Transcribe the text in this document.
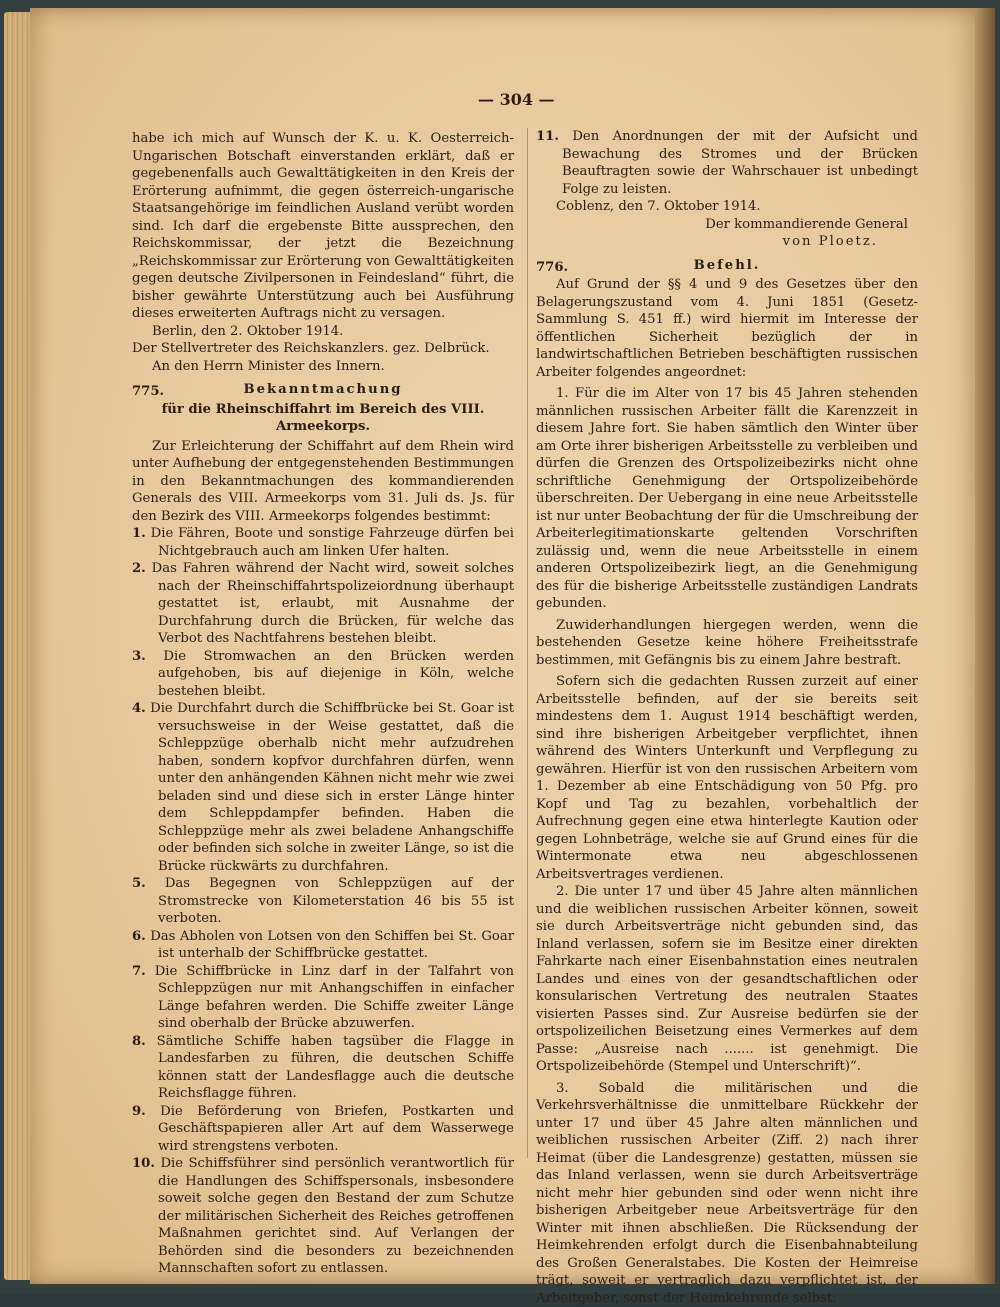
— 304 —

habe ich mich auf Wunsch der K. u. K. Oesterreich-Ungarischen Botschaft einverstanden erklärt, daß er gegebenenfalls auch Gewalttätigkeiten in den Kreis der Erörterung aufnimmt, die gegen österreich-ungarische Staatsangehörige im feindlichen Ausland verübt worden sind. Ich darf die ergebenste Bitte aussprechen, den Reichskommissar, der jetzt die Bezeichnung „Reichskommissar zur Erörterung von Gewalttätigkeiten gegen deutsche Zivilpersonen in Feindesland“ führt, die bisher gewährte Unterstützung auch bei Ausführung dieses erweiterten Auftrags nicht zu versagen.

Berlin, den 2. Oktober 1914.

Der Stellvertreter des Reichskanzlers. gez. Delbrück.

An den Herrn Minister des Innern.

775.	Bekanntmachung
für die Rheinschiffahrt im Bereich des VIII. Armeekorps.

Zur Erleichterung der Schiffahrt auf dem Rhein wird unter Aufhebung der entgegenstehenden Bestimmungen in den Bekanntmachungen des kommandierenden Generals des VIII. Armeekorps vom 31. Juli ds. Js. für den Bezirk des VIII. Armeekorps folgendes bestimmt:

1. Die Fähren, Boote und sonstige Fahrzeuge dürfen bei Nichtgebrauch auch am linken Ufer halten.

2. Das Fahren während der Nacht wird, soweit solches nach der Rheinschiffahrtspolizeiordnung überhaupt gestattet ist, erlaubt, mit Ausnahme der Durchfahrung durch die Brücken, für welche das Verbot des Nachtfahrens bestehen bleibt.

3. Die Stromwachen an den Brücken werden aufgehoben, bis auf diejenige in Köln, welche bestehen bleibt.

4. Die Durchfahrt durch die Schiffbrücke bei St. Goar ist versuchsweise in der Weise gestattet, daß die Schleppzüge oberhalb nicht mehr aufzudrehen haben, sondern kopfvor durchfahren dürfen, wenn unter den anhängenden Kähnen nicht mehr wie zwei beladen sind und diese sich in erster Länge hinter dem Schleppdampfer befinden. Haben die Schleppzüge mehr als zwei beladene Anhangschiffe oder befinden sich solche in zweiter Länge, so ist die Brücke rückwärts zu durchfahren.

5. Das Begegnen von Schleppzügen auf der Stromstrecke von Kilometerstation 46 bis 55 ist verboten.

6. Das Abholen von Lotsen von den Schiffen bei St. Goar ist unterhalb der Schiffbrücke gestattet.

7. Die Schiffbrücke in Linz darf in der Talfahrt von Schleppzügen nur mit Anhangschiffen in einfacher Länge befahren werden. Die Schiffe zweiter Länge sind oberhalb der Brücke abzuwerfen.

8. Sämtliche Schiffe haben tagsüber die Flagge in Landesfarben zu führen, die deutschen Schiffe können statt der Landesflagge auch die deutsche Reichsflagge führen.

9. Die Beförderung von Briefen, Postkarten und Geschäftspapieren aller Art auf dem Wasserwege wird strengstens verboten.

10. Die Schiffsführer sind persönlich verantwortlich für die Handlungen des Schiffspersonals, insbesondere soweit solche gegen den Bestand der zum Schutze der militärischen Sicherheit des Reiches getroffenen Maßnahmen gerichtet sind. Auf Verlangen der Behörden sind die besonders zu bezeichnenden Mannschaften sofort zu entlassen.

11. Den Anordnungen der mit der Aufsicht und Bewachung des Stromes und der Brücken Beauftragten sowie der Wahrschauer ist unbedingt Folge zu leisten.

Coblenz, den 7. Oktober 1914.

Der kommandierende General
von Ploetz.
776.	Befehl.

Auf Grund der §§ 4 und 9 des Gesetzes über den Belagerungszustand vom 4. Juni 1851 (Gesetz-Sammlung S. 451 ff.) wird hiermit im Interesse der öffentlichen Sicherheit bezüglich der in landwirtschaftlichen Betrieben beschäftigten russischen Arbeiter folgendes angeordnet:

1. Für die im Alter von 17 bis 45 Jahren stehenden männlichen russischen Arbeiter fällt die Karenzzeit in diesem Jahre fort. Sie haben sämtlich den Winter über am Orte ihrer bisherigen Arbeitsstelle zu verbleiben und dürfen die Grenzen des Ortspolizeibezirks nicht ohne schriftliche Genehmigung der Ortspolizeibehörde überschreiten. Der Uebergang in eine neue Arbeitsstelle ist nur unter Beobachtung der für die Umschreibung der Arbeiterlegitimationskarte geltenden Vorschriften zulässig und, wenn die neue Arbeitsstelle in einem anderen Ortspolizeibezirk liegt, an die Genehmigung des für die bisherige Arbeitsstelle zuständigen Landrats gebunden.

Zuwiderhandlungen hiergegen werden, wenn die bestehenden Gesetze keine höhere Freiheitsstrafe bestimmen, mit Gefängnis bis zu einem Jahre bestraft.

Sofern sich die gedachten Russen zurzeit auf einer Arbeitsstelle befinden, auf der sie bereits seit mindestens dem 1. August 1914 beschäftigt werden, sind ihre bisherigen Arbeitgeber verpflichtet, ihnen während des Winters Unterkunft und Verpflegung zu gewähren. Hierfür ist von den russischen Arbeitern vom 1. Dezember ab eine Entschädigung von 50 Pfg. pro Kopf und Tag zu bezahlen, vorbehaltlich der Aufrechnung gegen eine etwa hinterlegte Kaution oder gegen Lohnbeträge, welche sie auf Grund eines für die Wintermonate etwa neu abgeschlossenen Arbeitsvertrages verdienen.

2. Die unter 17 und über 45 Jahre alten männlichen und die weiblichen russischen Arbeiter können, soweit sie durch Arbeitsverträge nicht gebunden sind, das Inland verlassen, sofern sie im Besitze einer direkten Fahrkarte nach einer Eisenbahnstation eines neutralen Landes und eines von der gesandtschaftlichen oder konsularischen Vertretung des neutralen Staates visierten Passes sind. Zur Ausreise bedürfen sie der ortspolizeilichen Beisetzung eines Vermerkes auf dem Passe: „Ausreise nach ....... ist genehmigt. Die Ortspolizeibehörde (Stempel und Unterschrift)“.

3. Sobald die militärischen und die Verkehrsverhältnisse die unmittelbare Rückkehr der unter 17 und über 45 Jahre alten männlichen und weiblichen russischen Arbeiter (Ziff. 2) nach ihrer Heimat (über die Landesgrenze) gestatten, müssen sie das Inland verlassen, wenn sie durch Arbeitsverträge nicht mehr hier gebunden sind oder wenn nicht ihre bisherigen Arbeitgeber neue Arbeitsverträge für den Winter mit ihnen abschließen. Die Rücksendung der Heimkehrenden erfolgt durch die Eisenbahnabteilung des Großen Generalstabes. Die Kosten der Heimreise trägt, soweit er vertraglich dazu verpflichtet ist, der Arbeitgeber, sonst der Heimkehrende selbst.
